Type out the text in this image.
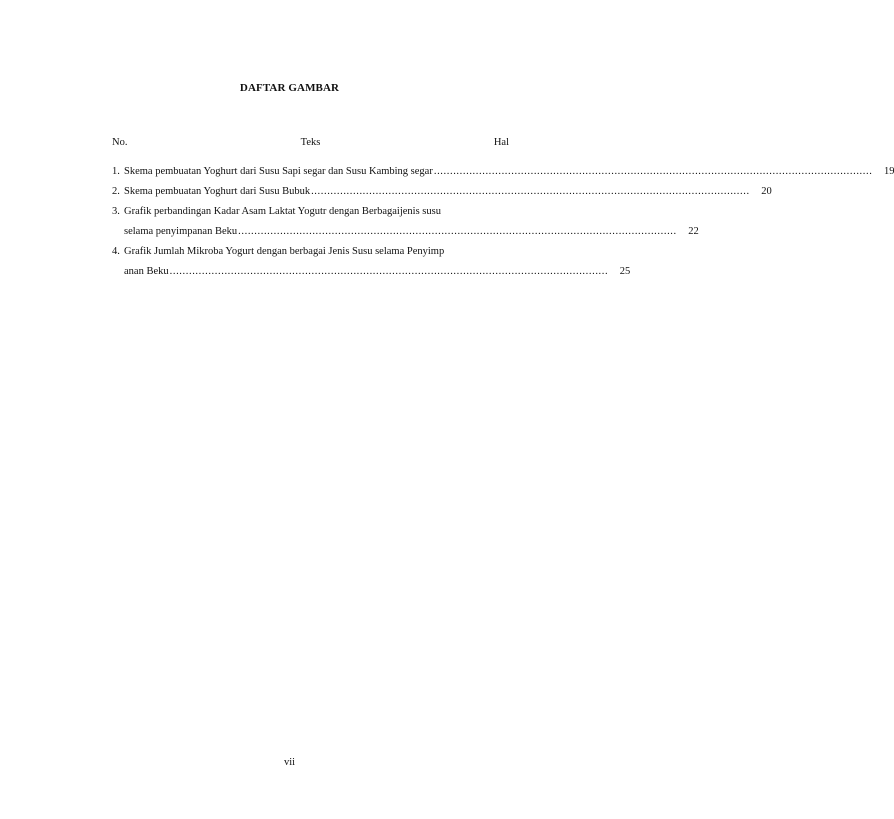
DAFTAR GAMBAR
No.	Teks	Hal
1. Skema pembuatan Yoghurt dari Susu Sapi segar dan Susu Kambing segar ........................................................................................................................................	19
2. Skema pembuatan Yoghurt dari Susu Bubuk ........................................................................................................................................	20
3. Grafik perbandingan Kadar Asam Laktat Yogutr dengan Berbagaijenis susu
selama penyimpanan Beku ........................................................................................................................................	22
4. Grafik Jumlah Mikroba Yogurt dengan berbagai Jenis Susu selama Penyimp
anan Beku ........................................................................................................................................	25
vii
